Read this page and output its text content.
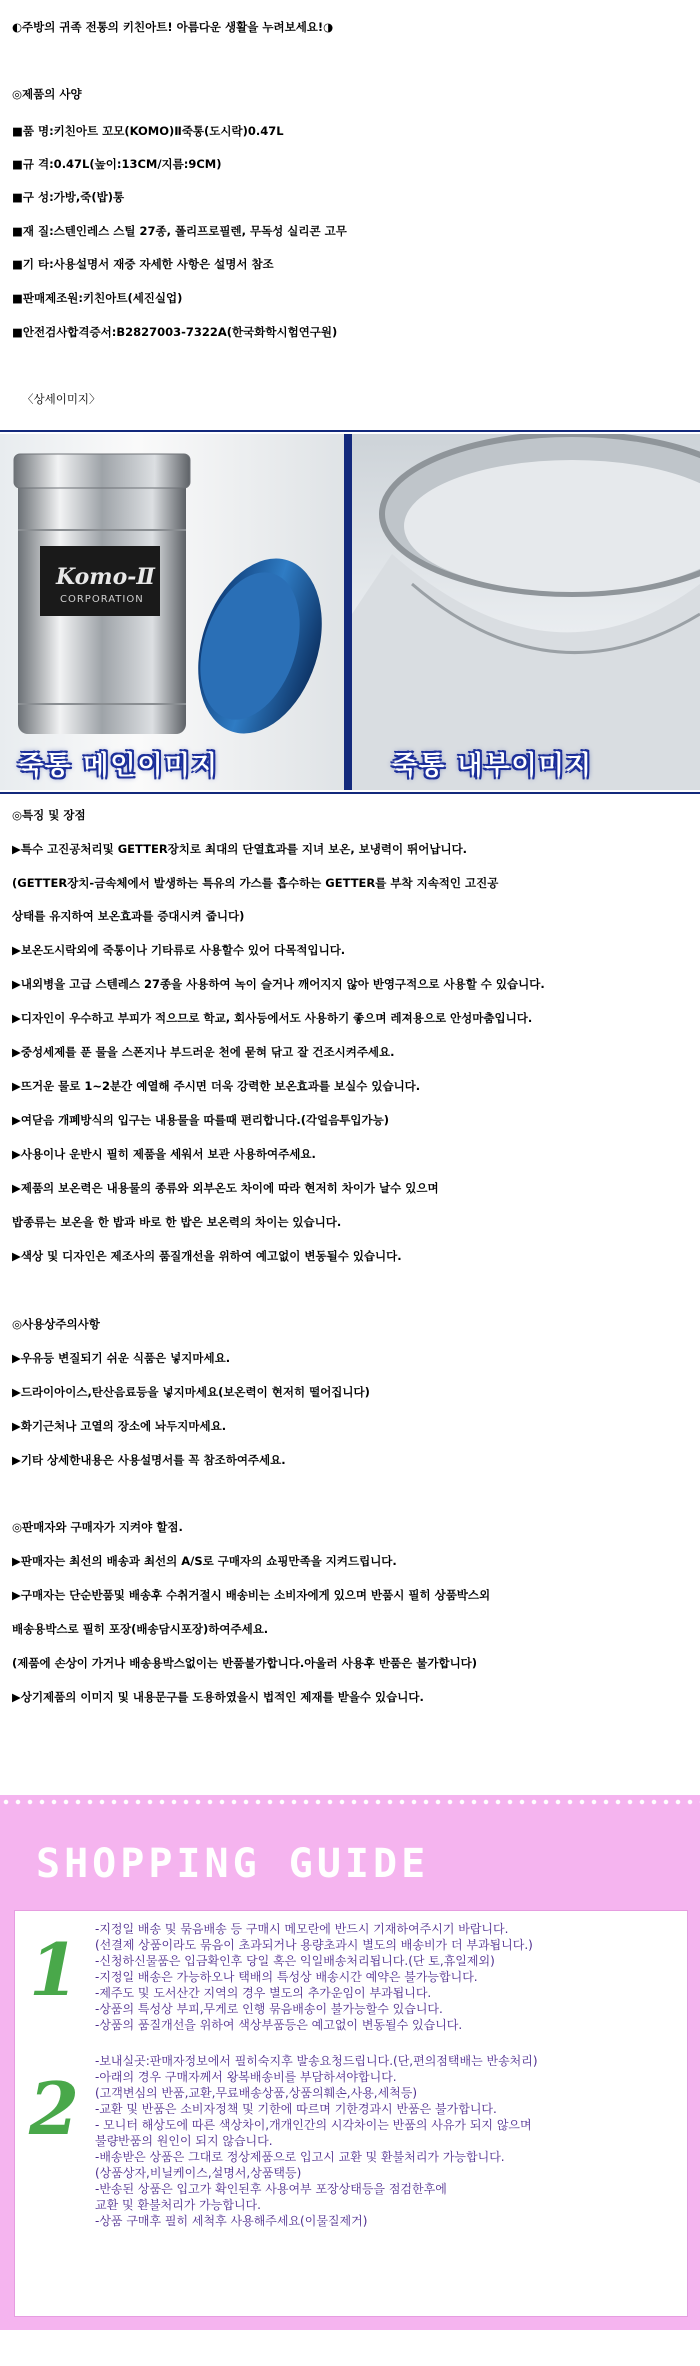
◐주방의 귀족 전통의 키친아트! 아름다운 생활을 누려보세요!◑
◎제품의 사양
■품 명:키친아트 꼬모(KOMO)Ⅱ죽통(도시락)0.47L
■규 격:0.47L(높이:13CM/지름:9CM)
■구 성:가방,죽(밥)통
■재 질:스텐인레스 스틸 27종, 폴리프로필렌, 무독성 실리콘 고무
■기 타:사용설명서 재중 자세한 사항은 설명서 참조
■판매제조원:키친아트(세진실업)
■안전검사합격증서:B2827003-7322A(한국화학시험연구원)
〈상세이미지〉
Komo-Ⅱ
CORPORATION
죽통 메인이미지	죽통 내부이미지
◎특징 및 장점
▶특수 고진공처리및 GETTER장치로 최대의 단열효과를 지녀 보온, 보냉력이 뛰어납니다.
(GETTER장치-금속체에서 발생하는 특유의 가스를 흡수하는 GETTER를 부착 지속적인 고진공
상태를 유지하여 보온효과를 증대시켜 줍니다)
▶보온도시락외에 죽통이나 기타류로 사용할수 있어 다목적입니다.
▶내외병을 고급 스텐레스 27종을 사용하여 녹이 슬거나 깨어지지 않아 반영구적으로 사용할 수 있습니다.
▶디자인이 우수하고 부피가 적으므로 학교, 회사등에서도 사용하기 좋으며 레져용으로 안성마춤입니다.
▶중성세제를 푼 물을 스폰지나 부드러운 천에 묻혀 닦고 잘 건조시켜주세요.
▶뜨거운 물로 1~2분간 예열해 주시면 더욱 강력한 보온효과를 보실수 있습니다.
▶여닫음 개폐방식의 입구는 내용물을 따를때 편리합니다.(각얼음투입가능)
▶사용이나 운반시 필히 제품을 세워서 보관 사용하여주세요.
▶제품의 보온력은 내용물의 종류와 외부온도 차이에 따라 현저히 차이가 날수 있으며
밥종류는 보온을 한 밥과 바로 한 밥은 보온력의 차이는 있습니다.
▶색상 및 디자인은 제조사의 품질개선을 위하여 예고없이 변동될수 있습니다.
◎사용상주의사항
▶우유등 변질되기 쉬운 식품은 넣지마세요.
▶드라이아이스,탄산음료등을 넣지마세요(보온력이 현저히 떨어집니다)
▶화기근처나 고열의 장소에 놔두지마세요.
▶기타 상세한내용은 사용설명서를 꼭 참조하여주세요.
◎판매자와 구매자가 지켜야 할점.
▶판매자는 최선의 배송과 최선의 A/S로 구매자의 쇼핑만족을 지켜드립니다.
▶구매자는 단순반품및 배송후 수취거절시 배송비는 소비자에게 있으며 반품시 필히 상품박스외
배송용박스로 필히 포장(배송담시포장)하여주세요.
(제품에 손상이 가거나 배송용박스없이는 반품불가합니다.아울러 사용후 반품은 불가합니다)
▶상기제품의 이미지 및 내용문구를 도용하였을시 법적인 제재를 받을수 있습니다.
SHOPPING GUIDE
1 -지정일 배송 및 묶음배송 등 구매시 메모란에 반드시 기재하여주시기 바랍니다.
(선결제 상품이라도 묶음이 초과되거나 용량초과시 별도의 배송비가 더 부과됩니다.)
-신청하신물품은 입금확인후 당일 혹은 익일배송처리됩니다.(단 토,휴일제외)
-지정일 배송은 가능하오나 택배의 특성상 배송시간 예약은 불가능합니다.
-제주도 및 도서산간 지역의 경우 별도의 추가운임이 부과됩니다.
-상품의 특성상 부피,무게로 인행 묶음배송이 불가능할수 있습니다.
-상품의 품질개선을 위하여 색상부품등은 예고없이 변동될수 있습니다.
2
-보내실곳:판매자정보에서 필히숙지후 발송요청드립니다.(단,편의점택배는 반송처리)
-아래의 경우 구매자께서 왕복배송비를 부담하셔야합니다.
(고객변심의 반품,교환,무료배송상품,상품의훼손,사용,세척등)
-교환 및 반품은 소비자정책 및 기한에 따르며 기한경과시 반품은 불가합니다.
- 모니터 해상도에 따른 색상차이,개개인간의 시각차이는 반품의 사유가 되지 않으며
불량반품의 원인이 되지 않습니다.
-배송받은 상품은 그대로 정상제품으로 입고시 교환 및 환불처리가 가능합니다.
(상품상자,비닐케이스,설명서,상품택등)
-반송된 상품은 입고가 확인된후 사용여부 포장상태등을 점검한후에
교환 및 환불처리가 가능합니다.
-상품 구매후 필히 세척후 사용해주세요(이물질제거)
